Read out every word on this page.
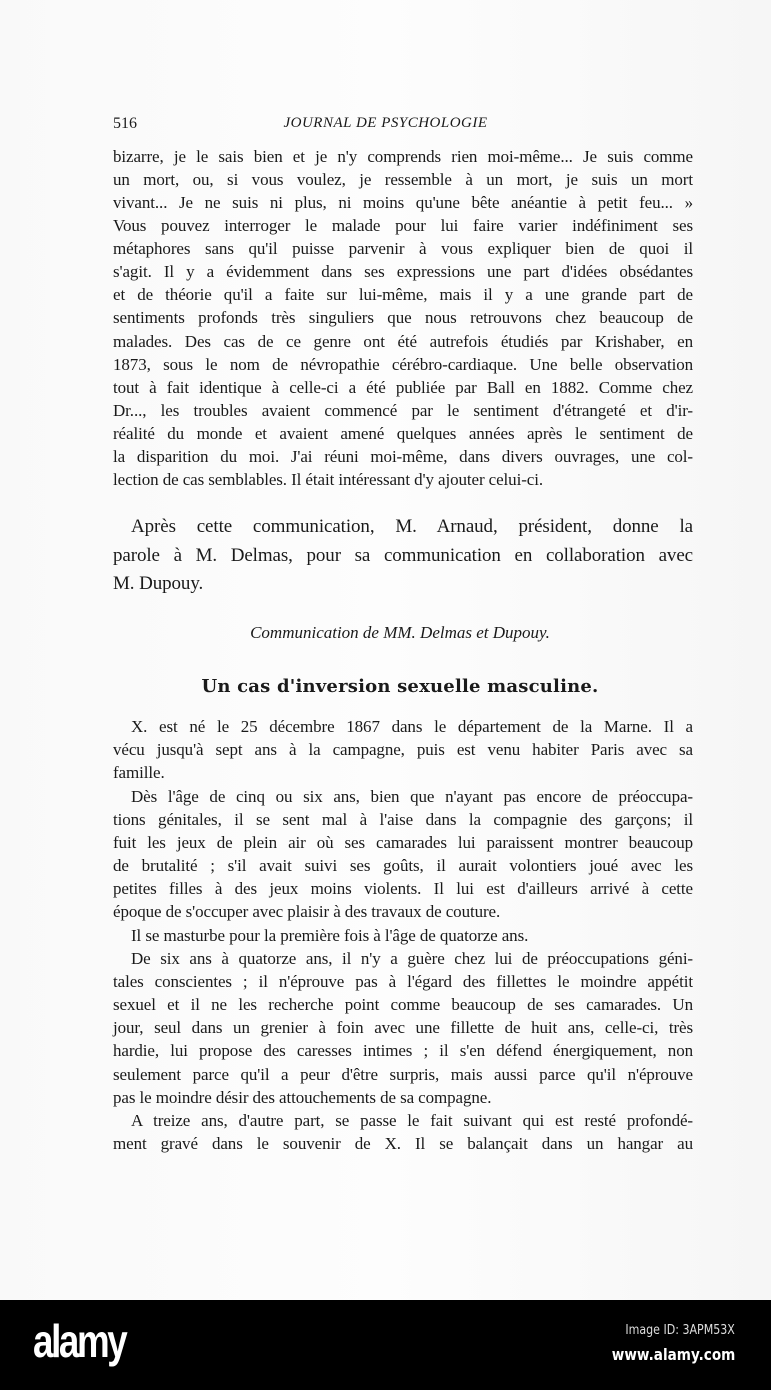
516	JOURNAL DE PSYCHOLOGIE
bizarre, je le sais bien et je n'y comprends rien moi-même... Je suis comme
un mort, ou, si vous voulez, je ressemble à un mort, je suis un mort
vivant... Je ne suis ni plus, ni moins qu'une bête anéantie à petit feu... »
Vous pouvez interroger le malade pour lui faire varier indéfiniment ses
métaphores sans qu'il puisse parvenir à vous expliquer bien de quoi il
s'agit. Il y a évidemment dans ses expressions une part d'idées obsédantes
et de théorie qu'il a faite sur lui-même, mais il y a une grande part de
sentiments profonds très singuliers que nous retrouvons chez beaucoup de
malades. Des cas de ce genre ont été autrefois étudiés par Krishaber, en
1873, sous le nom de névropathie cérébro-cardiaque. Une belle observation
tout à fait identique à celle-ci a été publiée par Ball en 1882. Comme chez
Dr..., les troubles avaient commencé par le sentiment d'étrangeté et d'ir-
réalité du monde et avaient amené quelques années après le sentiment de
la disparition du moi. J'ai réuni moi-même, dans divers ouvrages, une col-
lection de cas semblables. Il était intéressant d'y ajouter celui-ci.
Après cette communication, M. Arnaud, président, donne la
parole à M. Delmas, pour sa communication en collaboration avec
M. Dupouy.
Communication de MM. Delmas et Dupouy.
Un cas d'inversion sexuelle masculine.
X. est né le 25 décembre 1867 dans le département de la Marne. Il a
vécu jusqu'à sept ans à la campagne, puis est venu habiter Paris avec sa
famille.
Dès l'âge de cinq ou six ans, bien que n'ayant pas encore de préoccupa-
tions génitales, il se sent mal à l'aise dans la compagnie des garçons; il
fuit les jeux de plein air où ses camarades lui paraissent montrer beaucoup
de brutalité ; s'il avait suivi ses goûts, il aurait volontiers joué avec les
petites filles à des jeux moins violents. Il lui est d'ailleurs arrivé à cette
époque de s'occuper avec plaisir à des travaux de couture.
Il se masturbe pour la première fois à l'âge de quatorze ans.
De six ans à quatorze ans, il n'y a guère chez lui de préoccupations géni-
tales conscientes ; il n'éprouve pas à l'égard des fillettes le moindre appétit
sexuel et il ne les recherche point comme beaucoup de ses camarades. Un
jour, seul dans un grenier à foin avec une fillette de huit ans, celle-ci, très
hardie, lui propose des caresses intimes ; il s'en défend énergiquement, non
seulement parce qu'il a peur d'être surpris, mais aussi parce qu'il n'éprouve
pas le moindre désir des attouchements de sa compagne.
A treize ans, d'autre part, se passe le fait suivant qui est resté profondé-
ment gravé dans le souvenir de X. Il se balançait dans un hangar au
alamy	Image ID: 3APM53X
www.alamy.com
